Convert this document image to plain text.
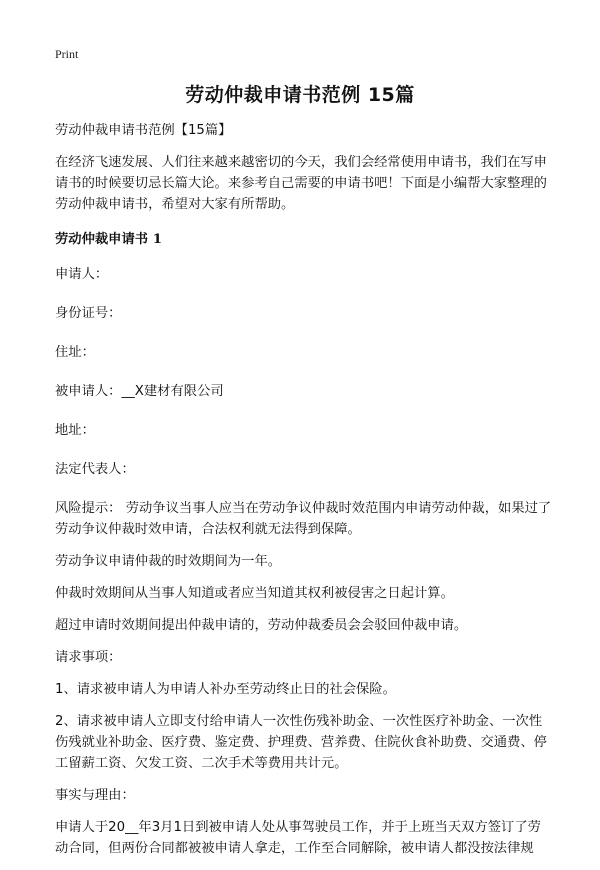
Print
劳动仲裁申请书范例 15篇

劳动仲裁申请书范例【15篇】

在经济飞速发展、人们往来越来越密切的今天，我们会经常使用申请书，我们在写申请书的时候要切忌长篇大论。来参考自己需要的申请书吧！下面是小编帮大家整理的劳动仲裁申请书，希望对大家有所帮助。

劳动仲裁申请书 1

申请人：

身份证号：

住址：

被申请人：__X建材有限公司

地址：

法定代表人：

风险提示： 劳动争议当事人应当在劳动争议仲裁时效范围内申请劳动仲裁，如果过了劳动争议仲裁时效申请，合法权利就无法得到保障。

劳动争议申请仲裁的时效期间为一年。

仲裁时效期间从当事人知道或者应当知道其权利被侵害之日起计算。

超过申请时效期间提出仲裁申请的，劳动仲裁委员会会驳回仲裁申请。

请求事项：

1、请求被申请人为申请人补办至劳动终止日的社会保险。

2、请求被申请人立即支付给申请人一次性伤残补助金、一次性医疗补助金、一次性伤残就业补助金、医疗费、鉴定费、护理费、营养费、住院伙食补助费、交通费、停工留薪工资、欠发工资、二次手术等费用共计元。

事实与理由：

申请人于20__年3月1日到被申请人处从事驾驶员工作，并于上班当天双方签订了劳动合同，但两份合同都被被申请人拿走，工作至合同解除，被申请人都没按法律规
